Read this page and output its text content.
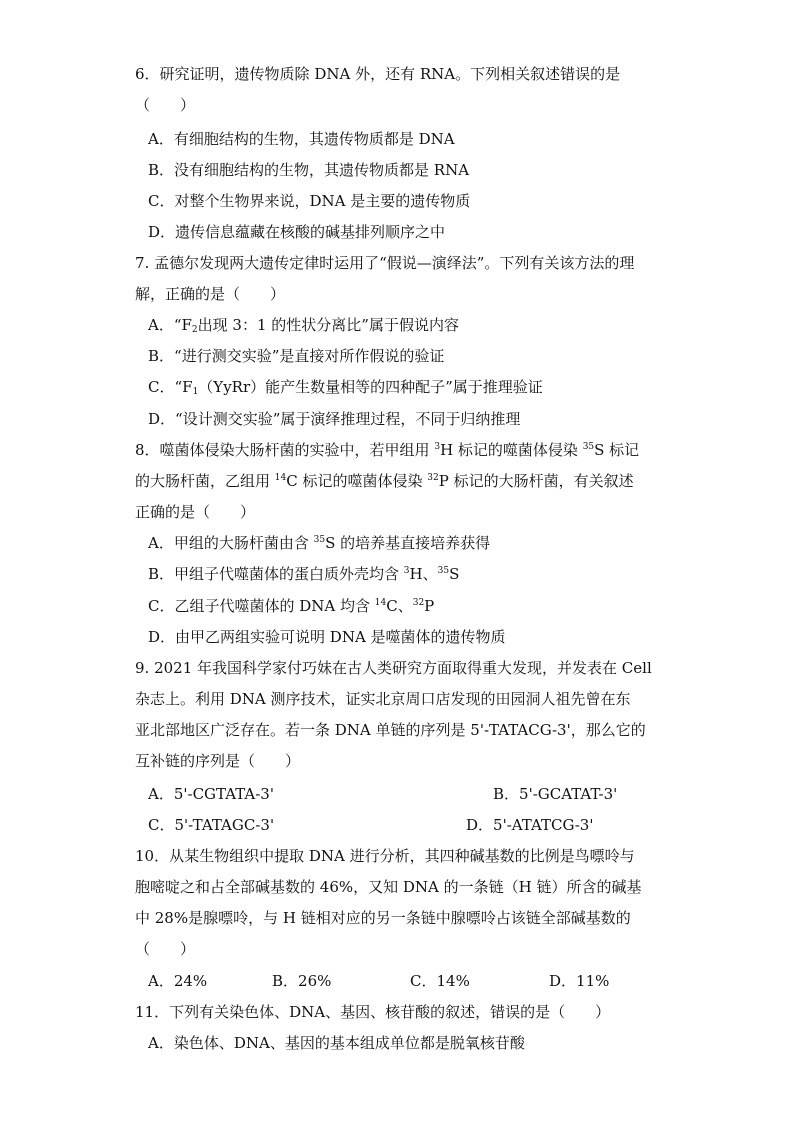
6．研究证明，遗传物质除 DNA 外，还有 RNA。下列相关叙述错误的是
（　　）
A．有细胞结构的生物，其遗传物质都是 DNA
B．没有细胞结构的生物，其遗传物质都是 RNA
C．对整个生物界来说，DNA 是主要的遗传物质
D．遗传信息蕴藏在核酸的碱基排列顺序之中
7. 孟德尔发现两大遗传定律时运用了“假说—演绎法”。下列有关该方法的理
解，正确的是（　　）
A．“$F_2$出现 3：1 的性状分离比”属于假说内容
B．“进行测交实验”是直接对所作假说的验证
C．“$F_1(YyRr)$能产生数量相等的四种配子”属于推理验证
D．“设计测交实验”属于演绎推理过程，不同于归纳推理
8．噬菌体侵染大肠杆菌的实验中，若甲组用 $^3$H 标记的噬菌体侵染 $^{35}$S 标记
的大肠杆菌，乙组用 $^{14}$C 标记的噬菌体侵染 $^{32}$P 标记的大肠杆菌，有关叙述
正确的是（　　）
A．甲组的大肠杆菌由含 $^{35}$S 的培养基直接培养获得
B．甲组子代噬菌体的蛋白质外壳均含 $^3$H、$^{35}$S
C．乙组子代噬菌体的 DNA 均含 $^{14}$C、$^{32}$P
D．由甲乙两组实验可说明 DNA 是噬菌体的遗传物质
9. 2021 年我国科学家付巧妹在古人类研究方面取得重大发现，并发表在 Cell
杂志上。利用 DNA 测序技术，证实北京周口店发现的田园洞人祖先曾在东
亚北部地区广泛存在。若一条 DNA 单链的序列是 5'-TATACG-3'，那么它的
互补链的序列是（　　）
A．5'-CGTATA-3'	B．5'-GCATAT-3'
C．5'-TATAGC-3'	D．5'-ATATCG-3'
10．从某生物组织中提取 DNA 进行分析，其四种碱基数的比例是鸟嘌呤与
胞嘧啶之和占全部碱基数的 46%，又知 DNA 的一条链（H 链）所含的碱基
中 28%是腺嘌呤，与 H 链相对应的另一条链中腺嘌呤占该链全部碱基数的
（　　）
A．24%	B．26%	C．14%	D．11%
11．下列有关染色体、DNA、基因、核苷酸的叙述，错误的是（　　）
A．染色体、DNA、基因的基本组成单位都是脱氧核苷酸
